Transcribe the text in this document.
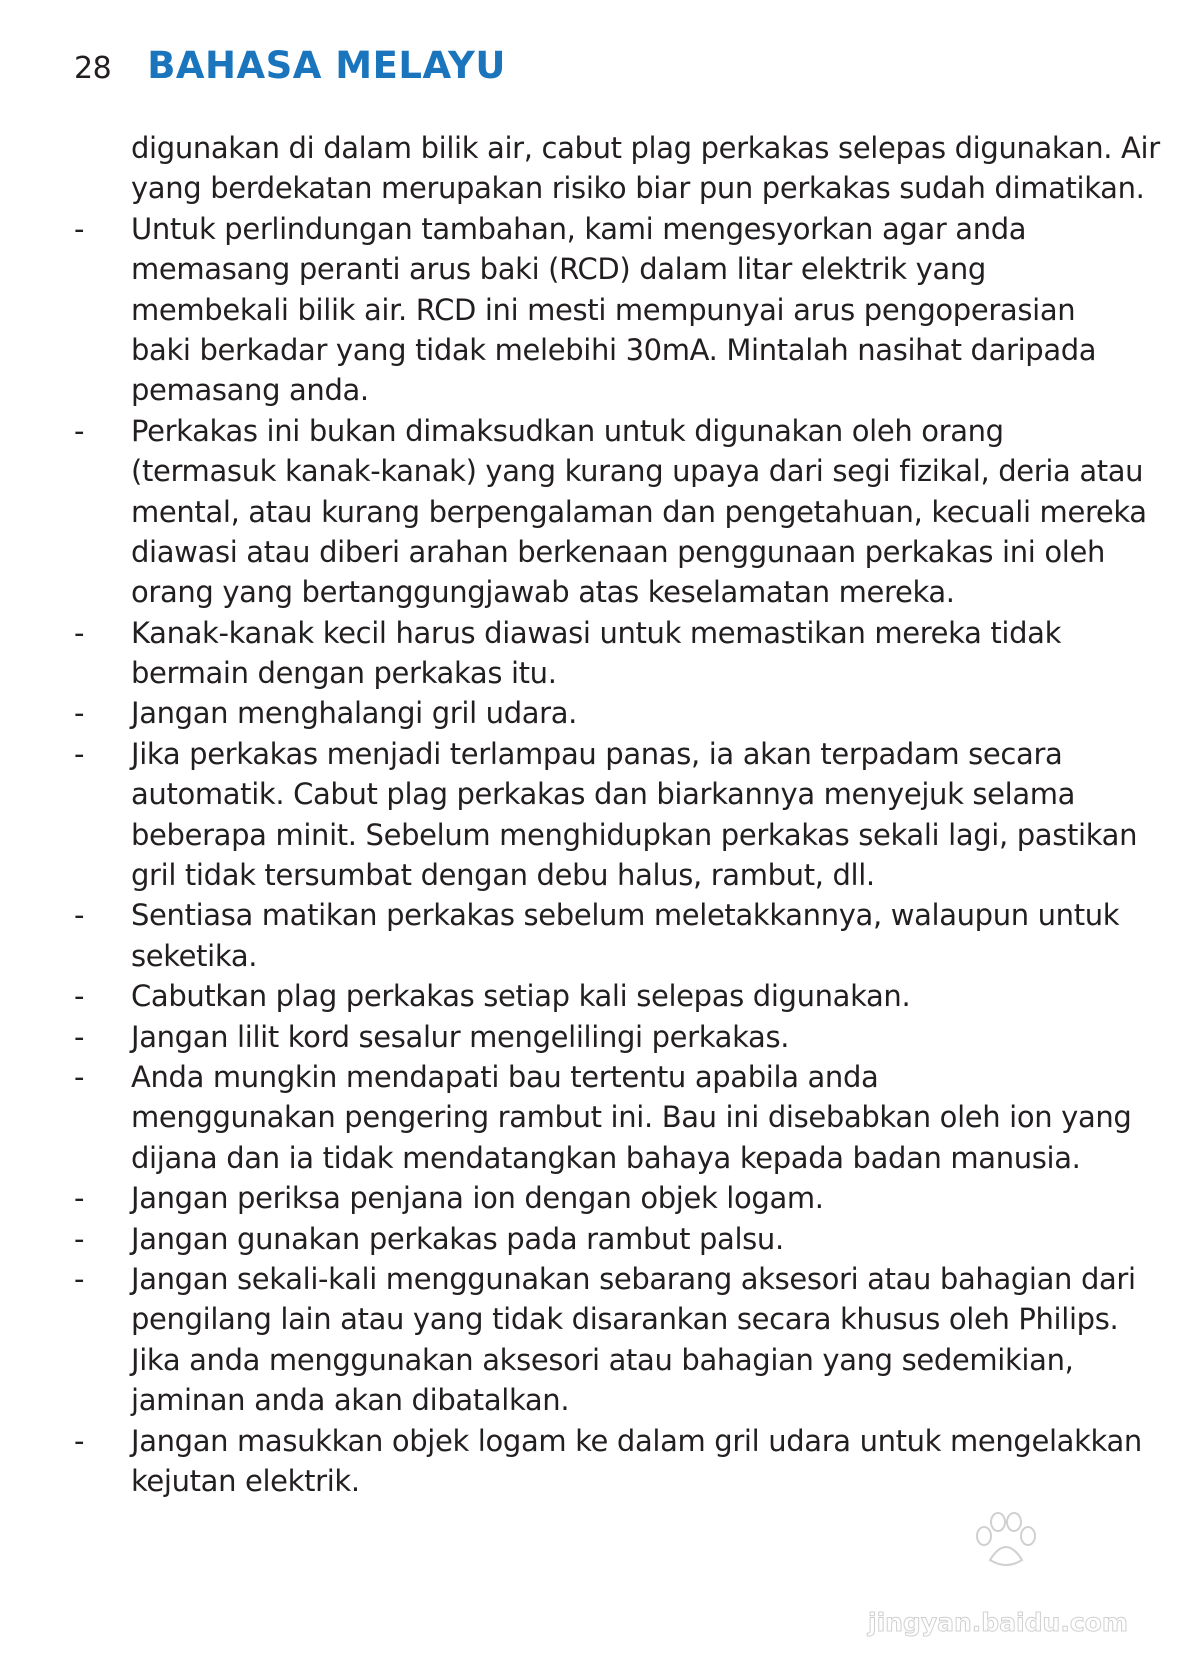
28 BAHASA MELAYU
digunakan di dalam bilik air, cabut plag perkakas selepas digunakan. Air
yang berdekatan merupakan risiko biar pun perkakas sudah dimatikan.
-	Untuk perlindungan tambahan, kami mengesyorkan agar anda
memasang peranti arus baki (RCD) dalam litar elektrik yang
membekali bilik air. RCD ini mesti mempunyai arus pengoperasian
baki berkadar yang tidak melebihi 30mA. Mintalah nasihat daripada
pemasang anda.
-	Perkakas ini bukan dimaksudkan untuk digunakan oleh orang
(termasuk kanak-kanak) yang kurang upaya dari segi fizikal, deria atau
mental, atau kurang berpengalaman dan pengetahuan, kecuali mereka
diawasi atau diberi arahan berkenaan penggunaan perkakas ini oleh
orang yang bertanggungjawab atas keselamatan mereka.
-	Kanak-kanak kecil harus diawasi untuk memastikan mereka tidak
bermain dengan perkakas itu.
-	Jangan menghalangi gril udara.
-	Jika perkakas menjadi terlampau panas, ia akan terpadam secara
automatik. Cabut plag perkakas dan biarkannya menyejuk selama
beberapa minit. Sebelum menghidupkan perkakas sekali lagi, pastikan
gril tidak tersumbat dengan debu halus, rambut, dll.
-	Sentiasa matikan perkakas sebelum meletakkannya, walaupun untuk
seketika.
-	Cabutkan plag perkakas setiap kali selepas digunakan.
-	Jangan lilit kord sesalur mengelilingi perkakas.
-	Anda mungkin mendapati bau tertentu apabila anda
menggunakan pengering rambut ini. Bau ini disebabkan oleh ion yang
dijana dan ia tidak mendatangkan bahaya kepada badan manusia.
-	Jangan periksa penjana ion dengan objek logam.
-	Jangan gunakan perkakas pada rambut palsu.
-	Jangan sekali-kali menggunakan sebarang aksesori atau bahagian dari
pengilang lain atau yang tidak disarankan secara khusus oleh Philips.
Jika anda menggunakan aksesori atau bahagian yang sedemikian,
jaminan anda akan dibatalkan.
-	Jangan masukkan objek logam ke dalam gril udara untuk mengelakkan
kejutan elektrik.
jingyan.baidu.com
